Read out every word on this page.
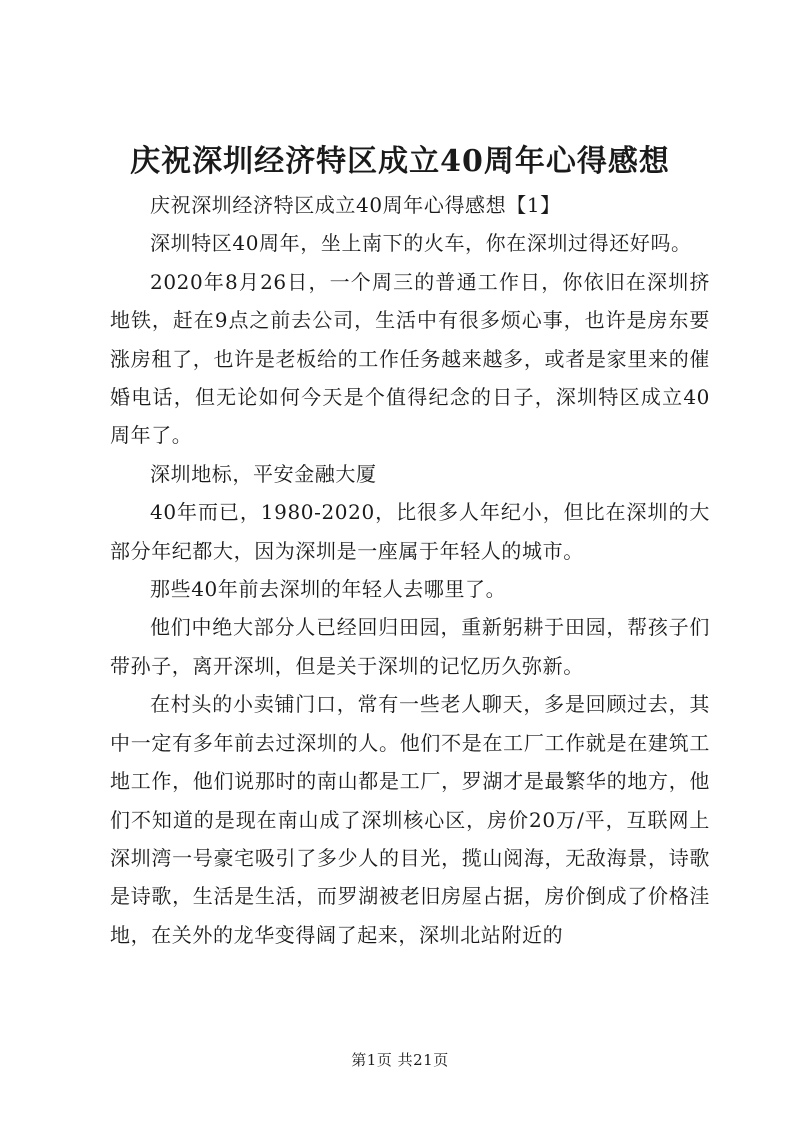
庆祝深圳经济特区成立40周年心得感想

庆祝深圳经济特区成立40周年心得感想【1】

深圳特区40周年，坐上南下的火车，你在深圳过得还好吗。

2020年8月26日，一个周三的普通工作日，你依旧在深圳挤地铁，赶在9点之前去公司，生活中有很多烦心事，也许是房东要涨房租了，也许是老板给的工作任务越来越多，或者是家里来的催婚电话，但无论如何今天是个值得纪念的日子，深圳特区成立40周年了。

深圳地标，平安金融大厦

40年而已，1980-2020，比很多人年纪小，但比在深圳的大部分年纪都大，因为深圳是一座属于年轻人的城市。

那些40年前去深圳的年轻人去哪里了。

他们中绝大部分人已经回归田园，重新躬耕于田园，帮孩子们带孙子，离开深圳，但是关于深圳的记忆历久弥新。

在村头的小卖铺门口，常有一些老人聊天，多是回顾过去，其中一定有多年前去过深圳的人。他们不是在工厂工作就是在建筑工地工作，他们说那时的南山都是工厂，罗湖才是最繁华的地方，他们不知道的是现在南山成了深圳核心区，房价20万/平，互联网上深圳湾一号豪宅吸引了多少人的目光，揽山阅海，无敌海景，诗歌是诗歌，生活是生活，而罗湖被老旧房屋占据，房价倒成了价格洼地，在关外的龙华变得阔了起来，深圳北站附近的

第1页 共21页
